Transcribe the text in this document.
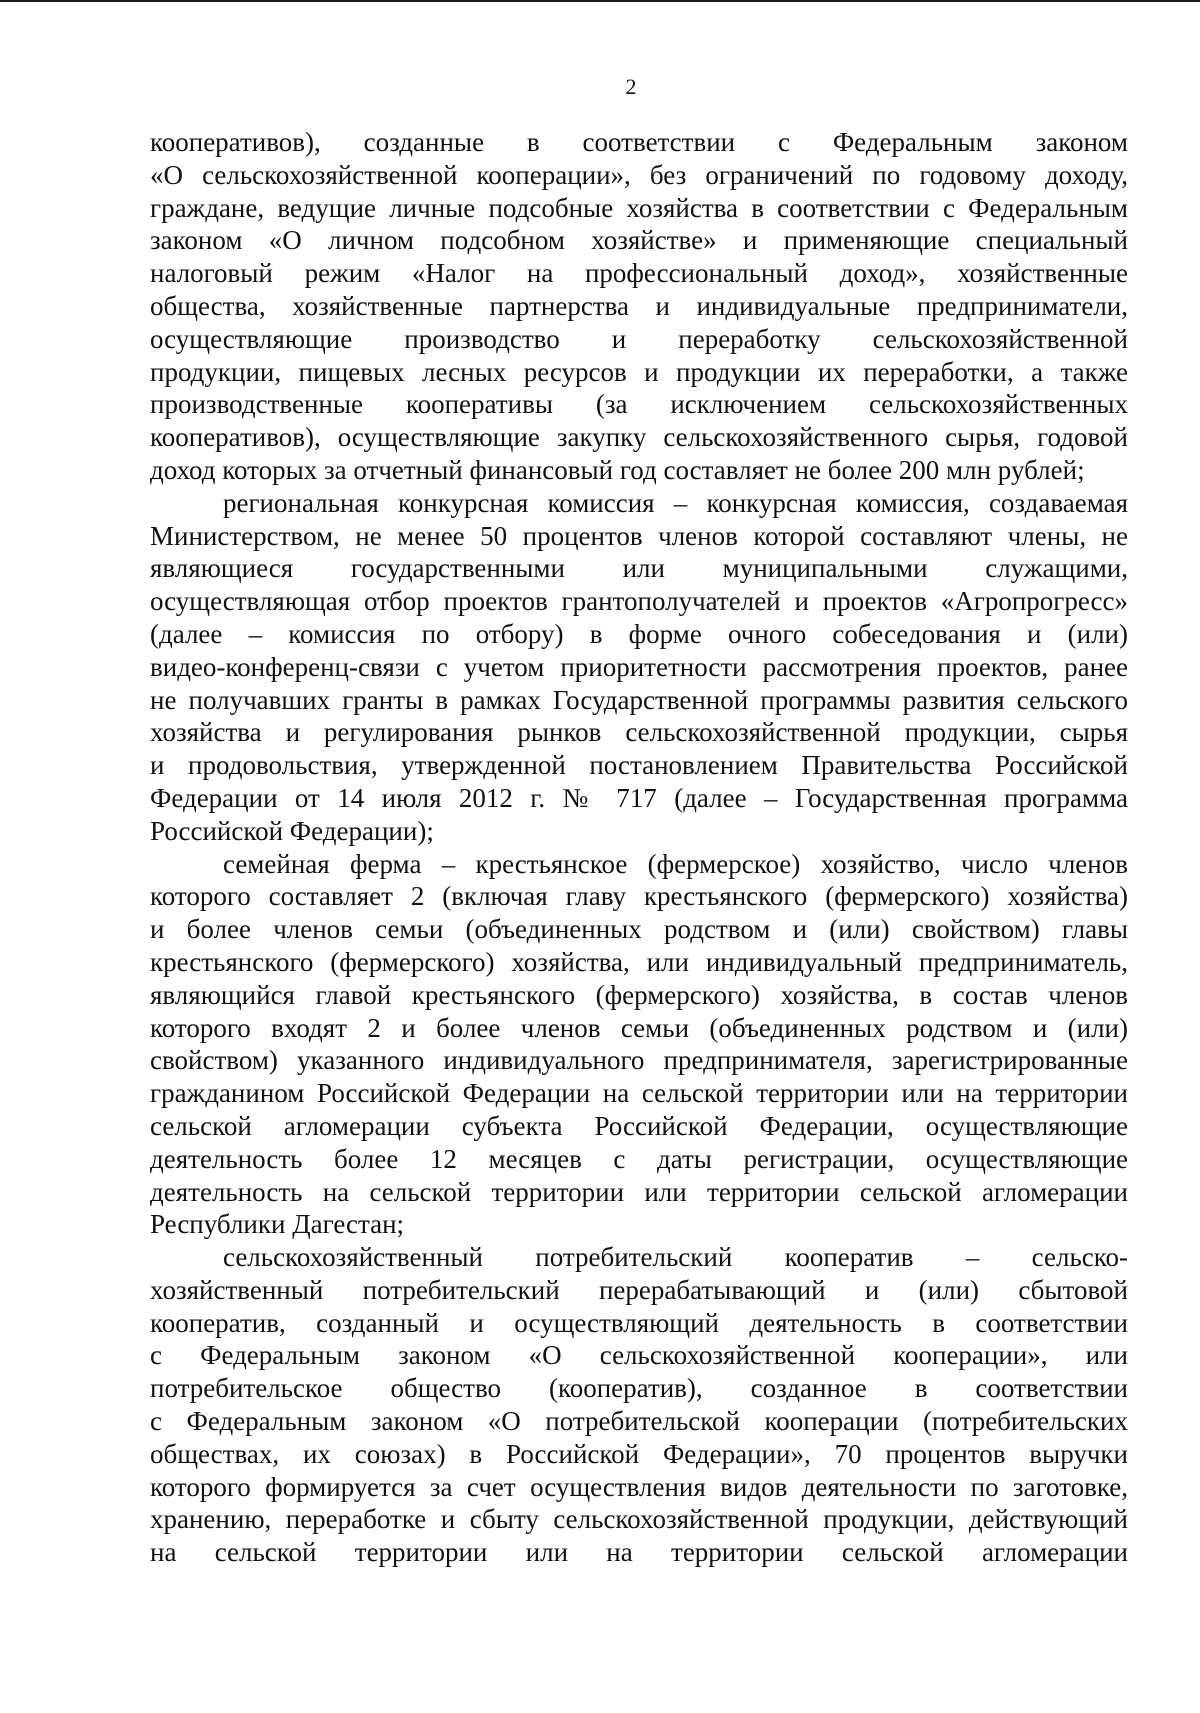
2
кооперативов), созданные в соответствии с Федеральным законом
«О сельскохозяйственной кооперации», без ограничений по годовому доходу,
граждане, ведущие личные подсобные хозяйства в соответствии с Федеральным
законом «О личном подсобном хозяйстве» и применяющие специальный
налоговый режим «Налог на профессиональный доход», хозяйственные
общества, хозяйственные партнерства и индивидуальные предприниматели,
осуществляющие производство и переработку сельскохозяйственной
продукции, пищевых лесных ресурсов и продукции их переработки, а также
производственные кооперативы (за исключением сельскохозяйственных
кооперативов), осуществляющие закупку сельскохозяйственного сырья, годовой
доход которых за отчетный финансовый год составляет не более 200 млн рублей;
региональная конкурсная комиссия – конкурсная комиссия, создаваемая
Министерством, не менее 50 процентов членов которой составляют члены, не
являющиеся государственными или муниципальными служащими,
осуществляющая отбор проектов грантополучателей и проектов «Агропрогресс»
(далее – комиссия по отбору) в форме очного собеседования и (или)
видео-конференц-связи с учетом приоритетности рассмотрения проектов, ранее
не получавших гранты в рамках Государственной программы развития сельского
хозяйства и регулирования рынков сельскохозяйственной продукции, сырья
и продовольствия, утвержденной постановлением Правительства Российской
Федерации от 14 июля 2012 г. № 717 (далее – Государственная программа
Российской Федерации);
семейная ферма – крестьянское (фермерское) хозяйство, число членов
которого составляет 2 (включая главу крестьянского (фермерского) хозяйства)
и более членов семьи (объединенных родством и (или) свойством) главы
крестьянского (фермерского) хозяйства, или индивидуальный предприниматель,
являющийся главой крестьянского (фермерского) хозяйства, в состав членов
которого входят 2 и более членов семьи (объединенных родством и (или)
свойством) указанного индивидуального предпринимателя, зарегистрированные
гражданином Российской Федерации на сельской территории или на территории
сельской агломерации субъекта Российской Федерации, осуществляющие
деятельность более 12 месяцев с даты регистрации, осуществляющие
деятельность на сельской территории или территории сельской агломерации
Республики Дагестан;
сельскохозяйственный потребительский кооператив – сельско-
хозяйственный потребительский перерабатывающий и (или) сбытовой
кооператив, созданный и осуществляющий деятельность в соответствии
с Федеральным законом «О сельскохозяйственной кооперации», или
потребительское общество (кооператив), созданное в соответствии
с Федеральным законом «О потребительской кооперации (потребительских
обществах, их союзах) в Российской Федерации», 70 процентов выручки
которого формируется за счет осуществления видов деятельности по заготовке,
хранению, переработке и сбыту сельскохозяйственной продукции, действующий
на сельской территории или на территории сельской агломерации
